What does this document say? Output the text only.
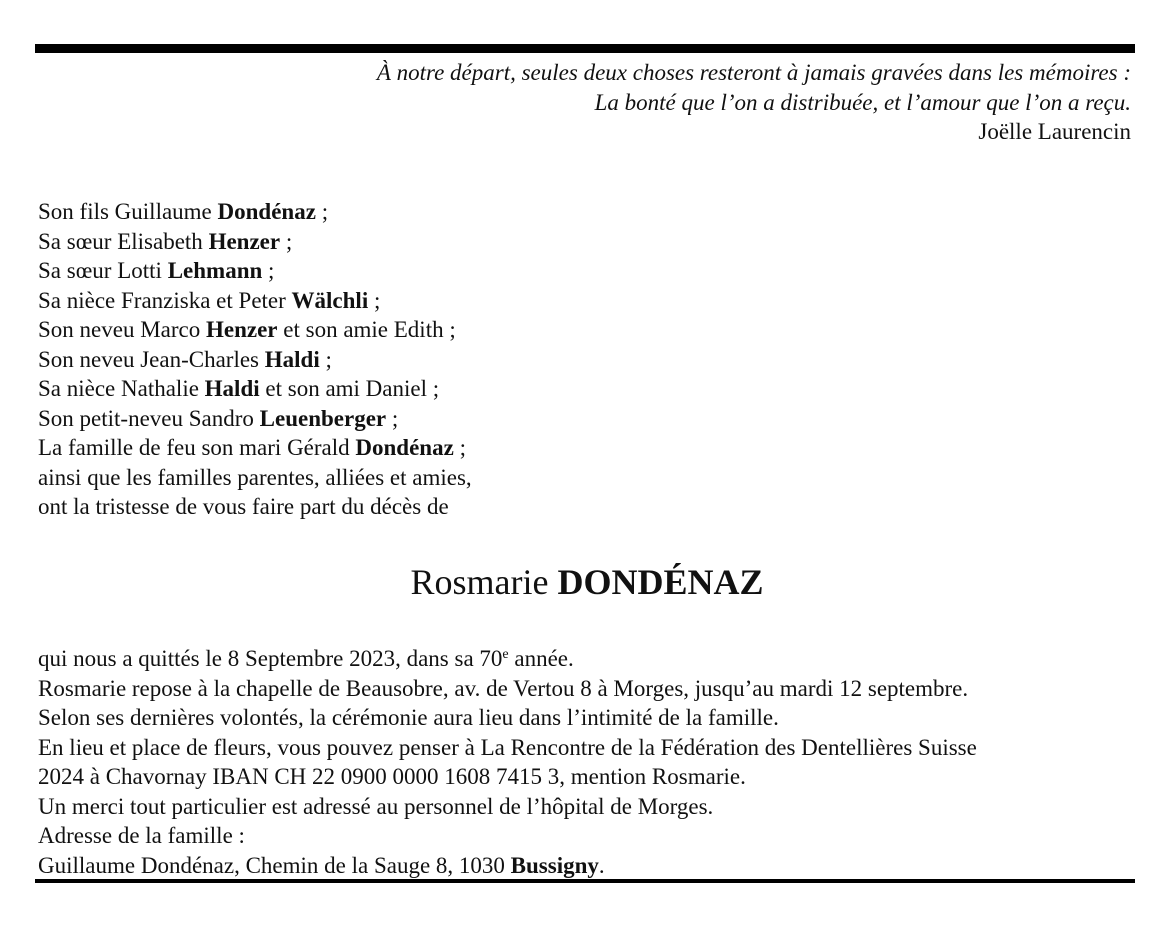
À notre départ, seules deux choses resteront à jamais gravées dans les mémoires :
La bonté que l’on a distribuée, et l’amour que l’on a reçu.
Joëlle Laurencin
Son fils Guillaume Dondénaz ;
Sa sœur Elisabeth Henzer ;
Sa sœur Lotti Lehmann ;
Sa nièce Franziska et Peter Wälchli ;
Son neveu Marco Henzer et son amie Edith ;
Son neveu Jean-Charles Haldi ;
Sa nièce Nathalie Haldi et son ami Daniel ;
Son petit-neveu Sandro Leuenberger ;
La famille de feu son mari Gérald Dondénaz ;
ainsi que les familles parentes, alliées et amies,
ont la tristesse de vous faire part du décès de
Rosmarie DONDÉNAZ
qui nous a quittés le 8 Septembre 2023, dans sa 70e année.
Rosmarie repose à la chapelle de Beausobre, av. de Vertou 8 à Morges, jusqu’au mardi 12 septembre.
Selon ses dernières volontés, la cérémonie aura lieu dans l’intimité de la famille.
En lieu et place de fleurs, vous pouvez penser à La Rencontre de la Fédération des Dentellières Suisse
2024 à Chavornay IBAN CH 22 0900 0000 1608 7415 3, mention Rosmarie.
Un merci tout particulier est adressé au personnel de l’hôpital de Morges.
Adresse de la famille :
Guillaume Dondénaz, Chemin de la Sauge 8, 1030 Bussigny.
